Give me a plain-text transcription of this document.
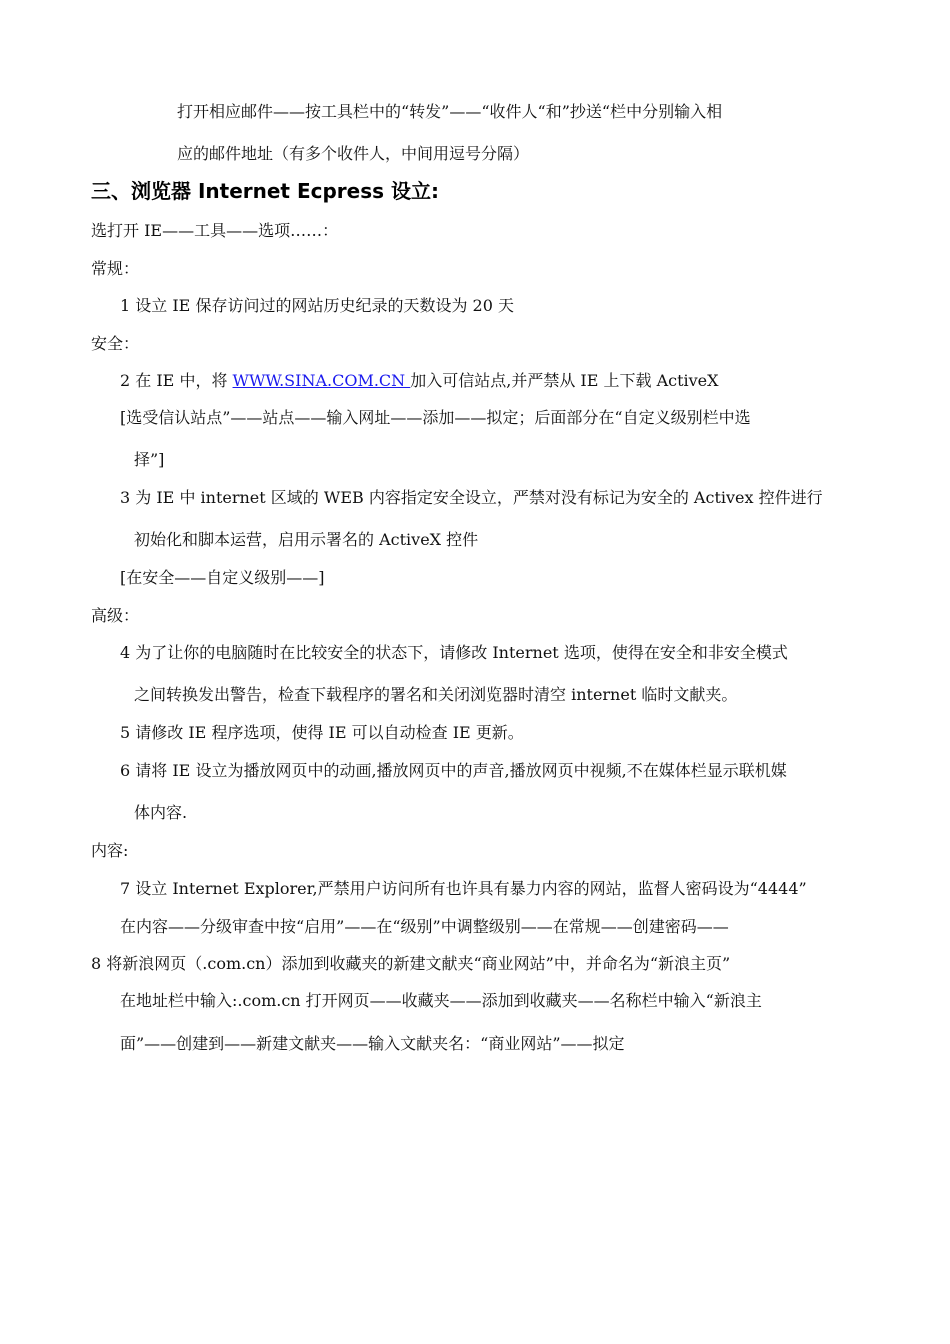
打开相应邮件——按工具栏中的“转发”——“收件人“和”抄送“栏中分别输入相
应的邮件地址（有多个收件人，中间用逗号分隔）
三、浏览器 Internet Ecpress 设立:
选打开 IE——工具——选项……：
常规：
1 设立 IE 保存访问过的网站历史纪录的天数设为 20 天
安全：
2 在 IE 中，将 WWW.SINA.COM.CN 加入可信站点,并严禁从 IE 上下载 ActiveX
[选受信认站点”——站点——输入网址——添加——拟定；后面部分在“自定义级别栏中选
择”]
3 为 IE 中 internet 区域的 WEB 内容指定安全设立，严禁对没有标记为安全的 Activex 控件进行
初始化和脚本运营，启用示署名的 ActiveX 控件
[在安全——自定义级别——]
高级：
4 为了让你的电脑随时在比较安全的状态下，请修改 Internet 选项，使得在安全和非安全模式
之间转换发出警告，检查下载程序的署名和关闭浏览器时清空 internet 临时文献夹。
5 请修改 IE 程序选项，使得 IE 可以自动检查 IE 更新。
6 请将 IE 设立为播放网页中的动画,播放网页中的声音,播放网页中视频,不在媒体栏显示联机媒
体内容.
内容:
7 设立 Internet Explorer,严禁用户访问所有也许具有暴力内容的网站，监督人密码设为“4444”
在内容——分级审查中按“启用”——在“级别”中调整级别——在常规——创建密码——
8 将新浪网页（.com.cn）添加到收藏夹的新建文献夹“商业网站”中，并命名为“新浪主页”
在地址栏中输入:.com.cn 打开网页——收藏夹——添加到收藏夹——名称栏中输入“新浪主
面”——创建到——新建文献夹——输入文献夹名：“商业网站”——拟定
